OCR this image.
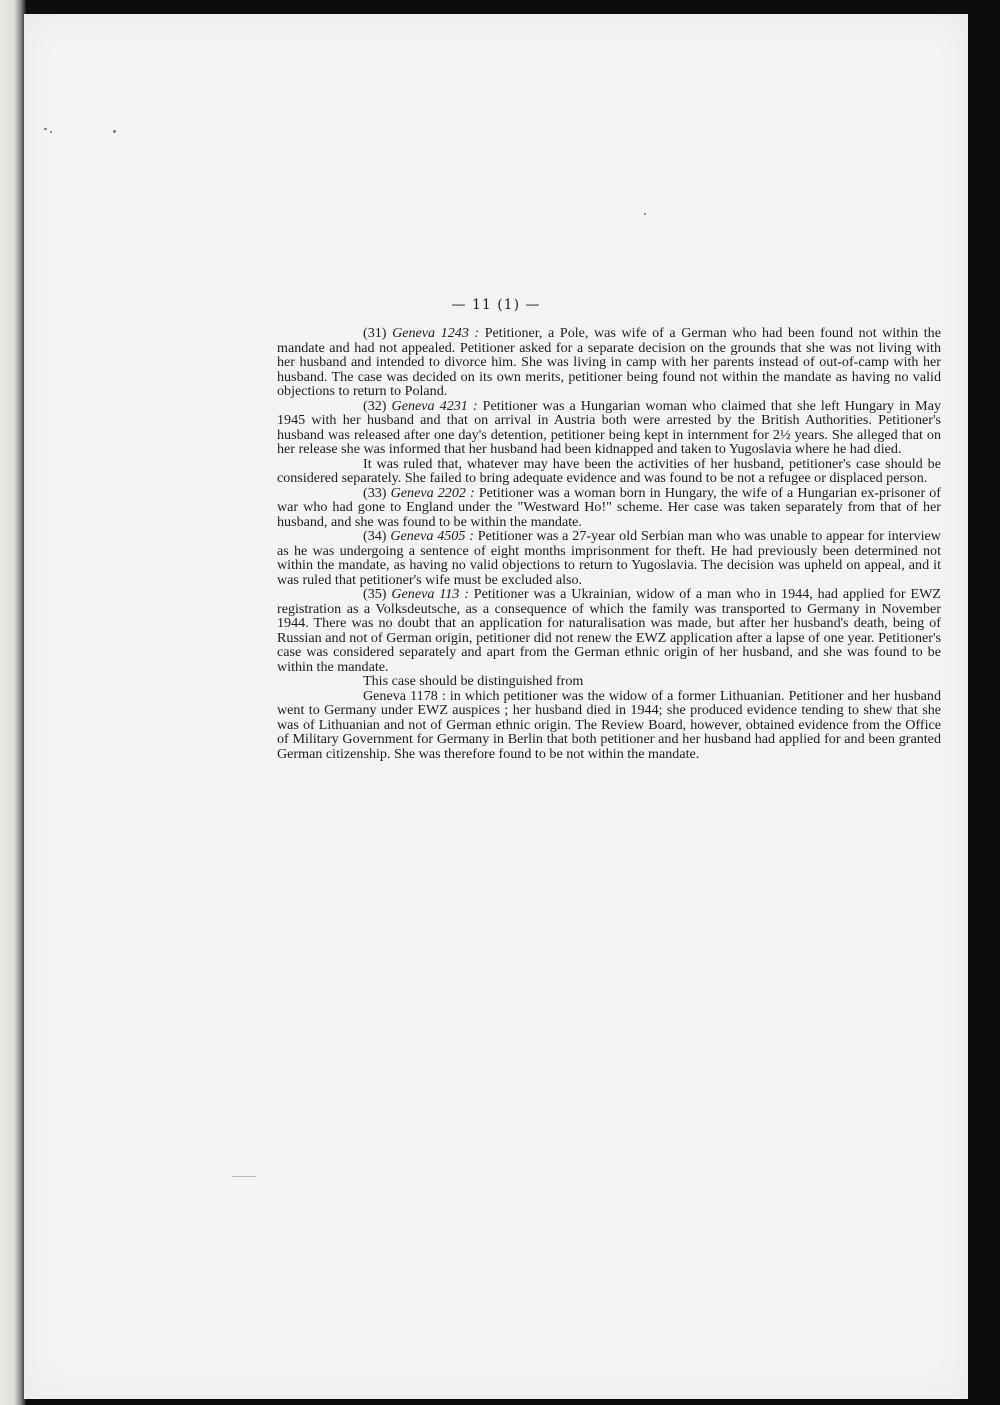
— 11 (1) —

(31) Geneva 1243 : Petitioner, a Pole, was wife of a German who had been found not within the mandate and had not appealed. Petitioner asked for a separate decision on the grounds that she was not living with her husband and intended to divorce him. She was living in camp with her parents instead of out-of-camp with her husband. The case was decided on its own merits, petitioner being found not within the mandate as having no valid objections to return to Poland.

(32) Geneva 4231 : Petitioner was a Hungarian woman who claimed that she left Hungary in May 1945 with her husband and that on arrival in Austria both were arrested by the British Authorities. Petitioner's husband was released after one day's detention, petitioner being kept in internment for 2½ years. She alleged that on her release she was informed that her husband had been kidnapped and taken to Yugoslavia where he had died.

It was ruled that, whatever may have been the activities of her husband, petitioner's case should be considered separately. She failed to bring adequate evidence and was found to be not a refugee or displaced person.

(33) Geneva 2202 : Petitioner was a woman born in Hungary, the wife of a Hungarian ex-prisoner of war who had gone to England under the "Westward Ho!" scheme. Her case was taken separately from that of her husband, and she was found to be within the mandate.

(34) Geneva 4505 : Petitioner was a 27-year old Serbian man who was unable to appear for interview as he was undergoing a sentence of eight months imprisonment for theft. He had previously been determined not within the mandate, as having no valid objections to return to Yugoslavia. The decision was upheld on appeal, and it was ruled that petitioner's wife must be excluded also.

(35) Geneva 113 : Petitioner was a Ukrainian, widow of a man who in 1944, had applied for EWZ registration as a Volksdeutsche, as a consequence of which the family was transported to Germany in November 1944. There was no doubt that an application for naturalisation was made, but after her husband's death, being of Russian and not of German origin, petitioner did not renew the EWZ application after a lapse of one year. Petitioner's case was considered separately and apart from the German ethnic origin of her husband, and she was found to be within the mandate.

This case should be distinguished from

Geneva 1178 : in which petitioner was the widow of a former Lithuanian. Petitioner and her husband went to Germany under EWZ auspices ; her husband died in 1944; she produced evidence tending to shew that she was of Lithuanian and not of German ethnic origin. The Review Board, however, obtained evidence from the Office of Military Government for Germany in Berlin that both petitioner and her husband had applied for and been granted German citizenship. She was therefore found to be not within the mandate.
